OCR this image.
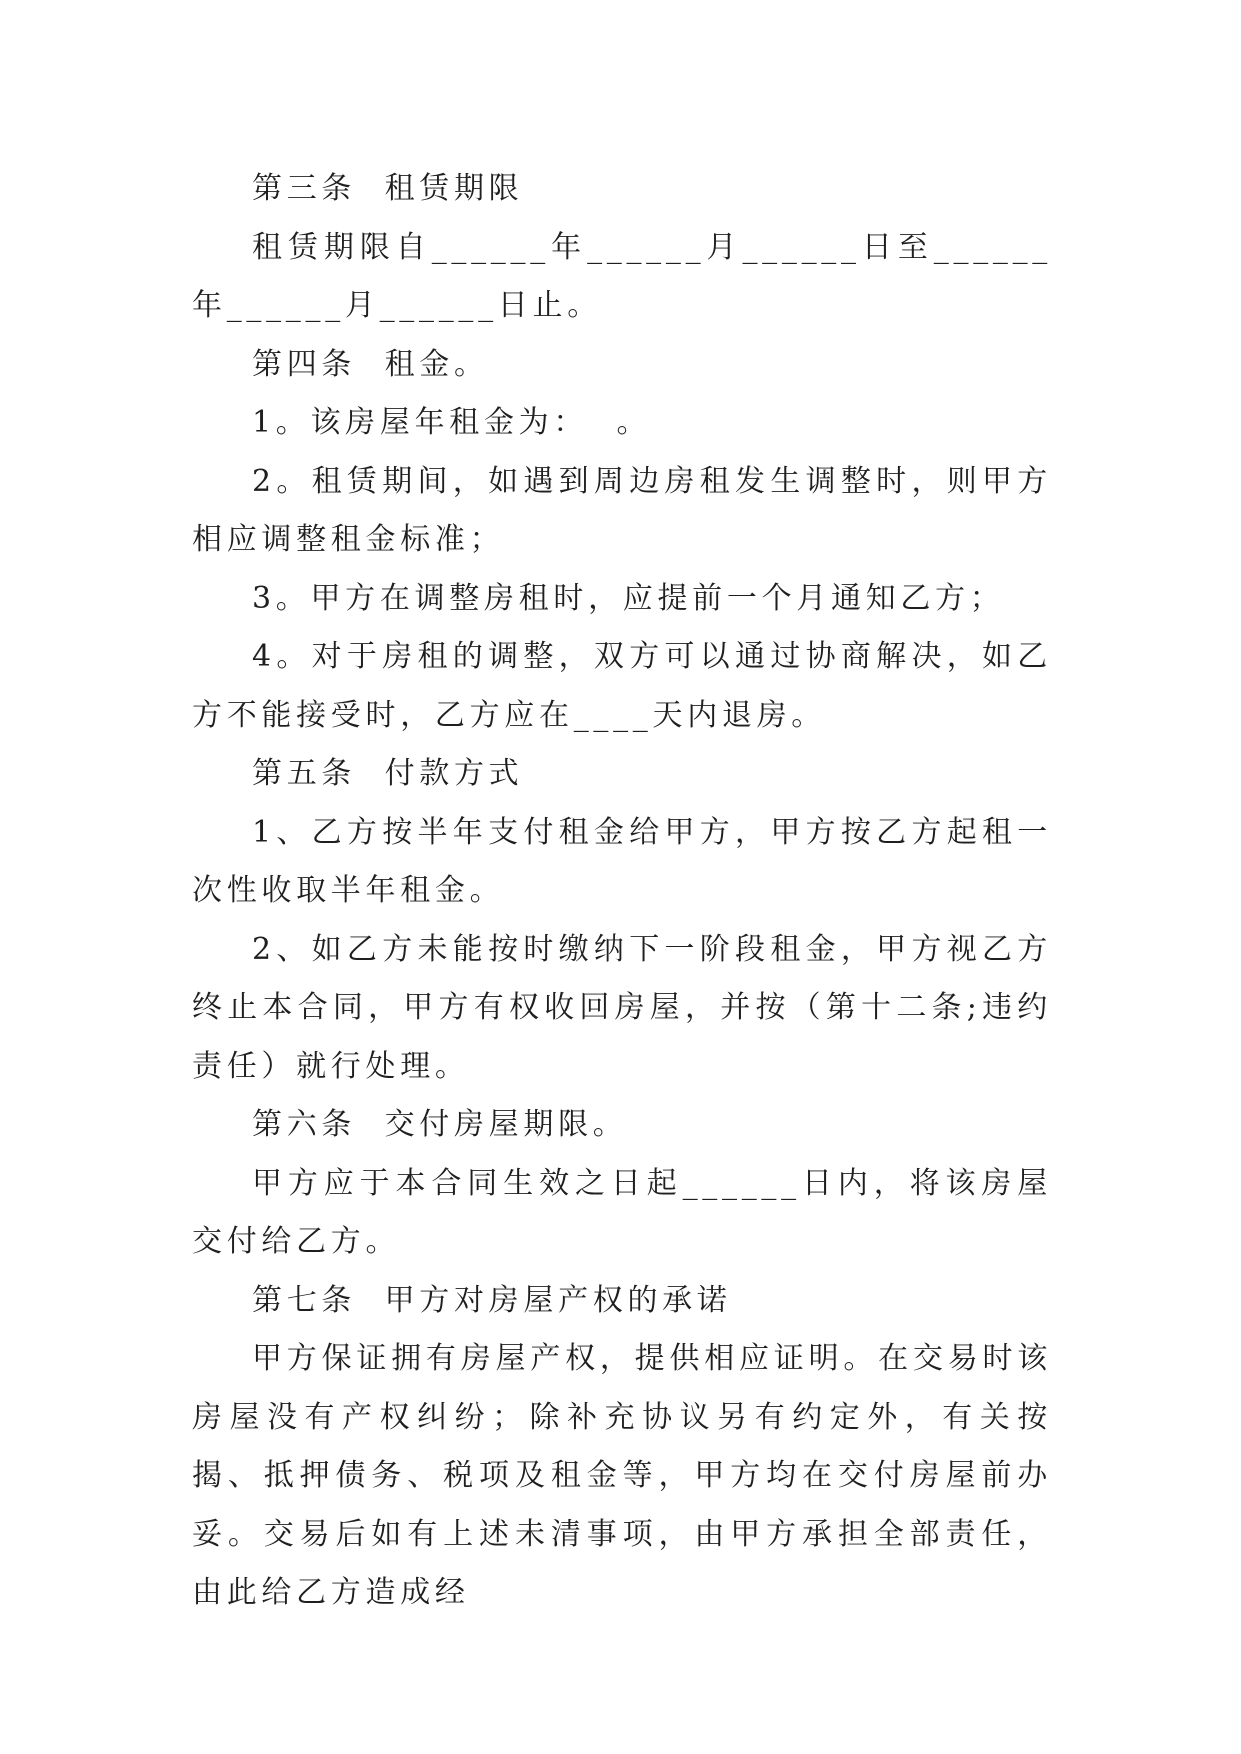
第三条  租赁期限

租赁期限自______年______月______日至______年______月______日止。

第四条  租金。

1。该房屋年租金为：  。

2。租赁期间，如遇到周边房租发生调整时，则甲方相应调整租金标准；

3。甲方在调整房租时，应提前一个月通知乙方；

4。对于房租的调整，双方可以通过协商解决，如乙方不能接受时，乙方应在____天内退房。

第五条  付款方式

1、乙方按半年支付租金给甲方，甲方按乙方起租一次性收取半年租金。

2、如乙方未能按时缴纳下一阶段租金，甲方视乙方终止本合同，甲方有权收回房屋，并按（第十二条;违约责任）就行处理。

第六条  交付房屋期限。

甲方应于本合同生效之日起______日内，将该房屋交付给乙方。

第七条  甲方对房屋产权的承诺

甲方保证拥有房屋产权，提供相应证明。在交易时该房屋没有产权纠纷；除补充协议另有约定外，有关按揭、抵押债务、税项及租金等，甲方均在交付房屋前办妥。交易后如有上述未清事项，由甲方承担全部责任，由此给乙方造成经
